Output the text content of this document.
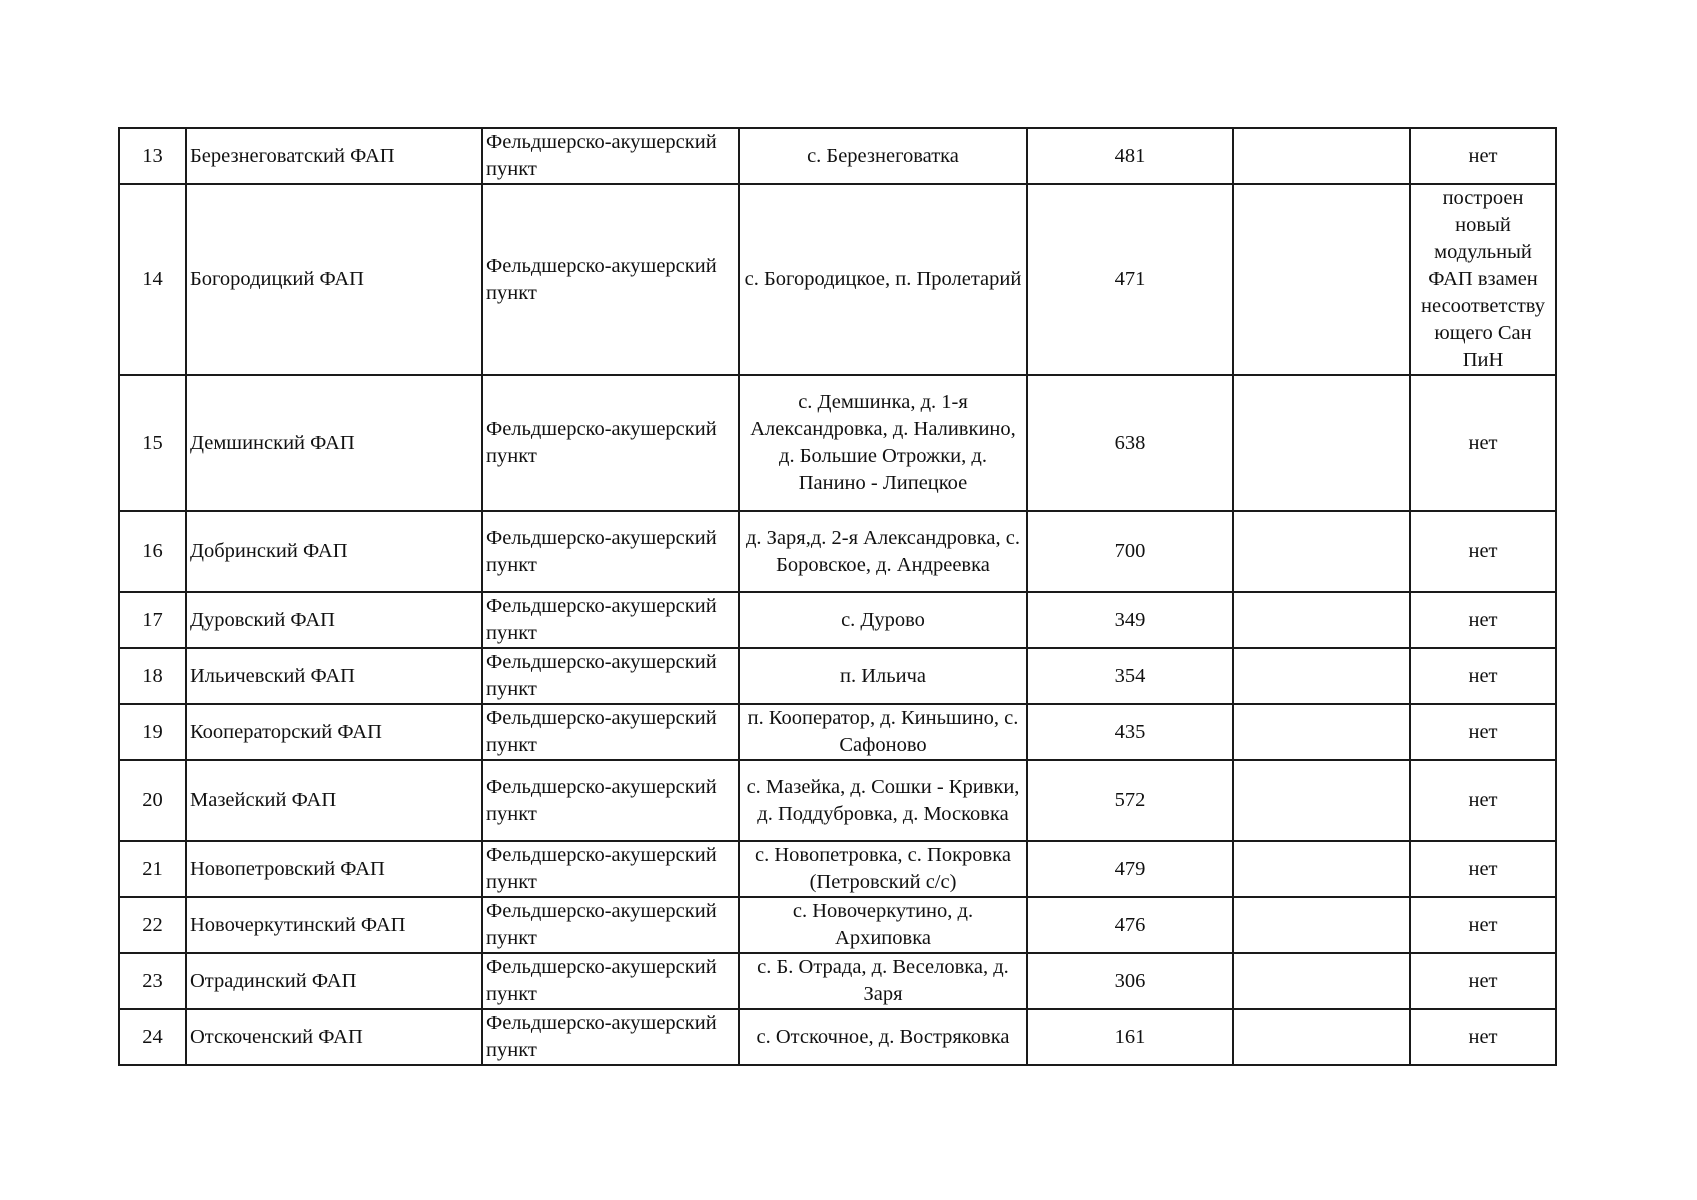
13	Березнеговатский ФАП	Фельдшерско-акушерский пункт	с. Березнеговатка	481		нет
14	Богородицкий ФАП	Фельдшерско-акушерский пункт	с. Богородицкое, п. Пролетарий	471		построен новый модульный ФАП взамен несоответству ющего Сан ПиН
15	Демшинский ФАП	Фельдшерско-акушерский пункт	с. Демшинка, д. 1-я Александровка, д. Наливкино, д. Большие Отрожки, д. Панино - Липецкое	638		нет
16	Добринский ФАП	Фельдшерско-акушерский пункт	д. Заря,д. 2-я Александровка, с. Боровское, д. Андреевка	700		нет
17	Дуровский ФАП	Фельдшерско-акушерский пункт	с. Дурово	349		нет
18	Ильичевский ФАП	Фельдшерско-акушерский пункт	п. Ильича	354		нет
19	Кооператорский ФАП	Фельдшерско-акушерский пункт	п. Кооператор, д. Киньшино, с. Сафоново	435		нет
20	Мазейский ФАП	Фельдшерско-акушерский пункт	с. Мазейка, д. Сошки - Кривки, д. Поддубровка, д. Московка	572		нет
21	Новопетровский ФАП	Фельдшерско-акушерский пункт	с. Новопетровка, с. Покровка (Петровский с/с)	479		нет
22	Новочеркутинский ФАП	Фельдшерско-акушерский пункт	с. Новочеркутино, д. Архиповка	476		нет
23	Отрадинский ФАП	Фельдшерско-акушерский пункт	с. Б. Отрада, д. Веселовка, д. Заря	306		нет
24	Отскоченский ФАП	Фельдшерско-акушерский пункт	с. Отскочное, д. Востряковка	161		нет
